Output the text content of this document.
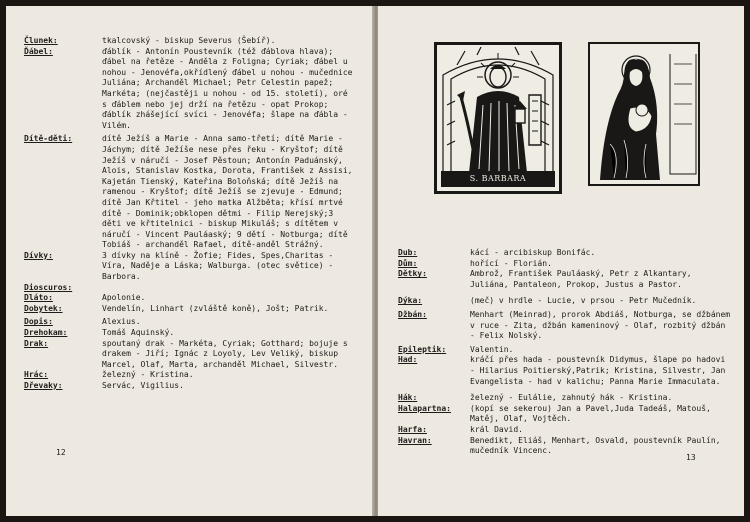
Člunek:	tkalcovský - biskup Severus (Šebíř).
Ďábel:	ďáblík - Antonín Poustevník (též ďáblova hlava); ďábel na řetěze - Anděla z Foligna; Cyriak; ďábel u nohou - Jenovéfa,okřídlený ďábel u nohou - mučednice Juliána; Archanděl Michael; Petr Celestin papež; Markéta; (nejčastěji u nohou - od 15. století), oré s ďáblem nebo jej drží na řetězu - opat Prokop; ďáblík zhášející svíci - Jenovéfa; šlape na ďábla - Vilém.
Dítě-děti:	dítě Ježíš a Marie - Anna samo-třetí; dítě Marie - Jáchym; dítě Ježíše nese přes řeku - Kryštof; dítě Ježíš v náručí - Josef Pěstoun; Antonín Paduánský, Alois, Stanislav Kostka, Dorota, František z Assisi, Kajetán Tienský, Kateřina Boloňská; dítě Ježíš na ramenou - Kryštof; dítě Ježíš se zjevuje - Edmund; dítě Jan Křtitel - jeho matka Alžběta; křísí mrtvé dítě - Dominik;obklopen dětmi - Filip Nerejský;3 děti ve křtitelnici - biskup Mikuláš; s dítětem v náručí - Vincent Pauláaský; 9 dětí - Notburga; dítě Tobiáš - archanděl Rafael, dítě-anděl Strážný.
Dívky:	3 dívky na klíně - Žofie; Fides, Spes,Charitas - Víra, Naděje a Láska; Walburga. (otec světice) - Barbora.
Dioscuros:
Dláto:	Apolonie.
Dobytek:	Vendelín, Linhart (zvláště koně), Jošt; Patrik.
Dopis:	Alexius.
Drehokam:	Tomáš Aquinský.
Drak:	spoutaný drak - Markéta, Cyriak; Gotthard; bojuje s drakem - Jiří; Ignác z Loyoly, Lev Veliký, biskup Marcel, Olaf, Marta, archanděl Michael, Silvestr.
Hrác:	železný - Kristina.
Dřevaky:	Servác, Vigilius.
12
S. BARBARA
Dub:	kácí - arcibiskup Bonifác.
Dům:	hořící - Florián.
Dětky:	Ambrož, František Pauláaský, Petr z Alkantary, Juliána, Pantaleon, Prokop, Justus a Pastor.
Dýka:	(meč) v hrdle - Lucie, v prsou - Petr Mučedník.
Džbán:	Menhart (Meinrad), prorok Abdiáš, Notburga, se džbánem v ruce - Zita, džbán kameninový - Olaf, rozbitý džbán - Felix Nolský.
Epileptik:	Valentin.
Had:	kráčí přes hada - poustevník Didymus, šlape po hadovi - Hilarius Poitierský,Patrik; Kristina, Silvestr, Jan Evangelista - had v kalichu; Panna Marie Immaculata.
Hák:	železný - Eulálie, zahnutý hák - Kristina.
Halapartna:	(kopí se sekerou) Jan a Pavel,Juda Tadeáš, Matouš, Matěj, Olaf, Vojtěch.
Harfa:	král David.
Havran:	Benedikt, Eliáš, Menhart, Osvald, poustevník Paulín, mučedník Vincenc.
13
